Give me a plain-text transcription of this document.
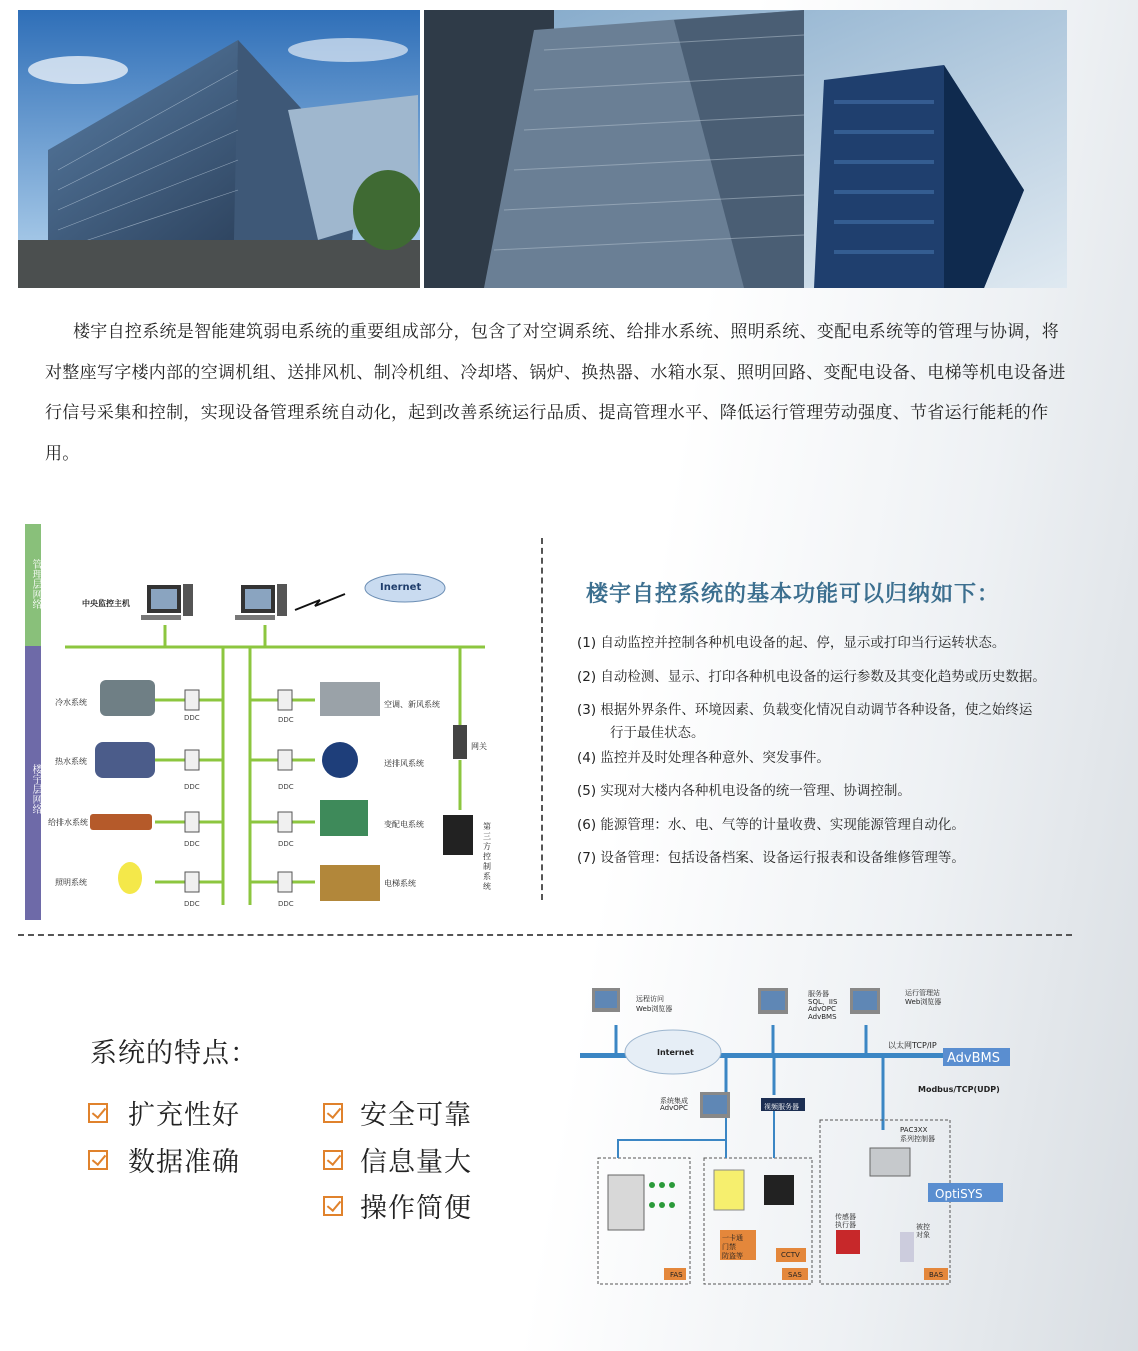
楼宇自控系统是智能建筑弱电系统的重要组成部分，包含了对空调系统、给排水系统、照明系统、变配电系统等的管理与协调，将对整座写字楼内部的空调机组、送排风机、制冷机组、冷却塔、锅炉、换热器、水箱水泵、照明回路、变配电设备、电梯等机电设备进行信号采集和控制，实现设备管理系统自动化，起到改善系统运行品质、提高管理水平、降低运行管理劳动强度、节省运行能耗的作用。
管理层网络
楼宇层网络
中央监控主机
Inernet
网关
第三方控制系统
冷水系统
热水系统
给排水系统
照明系统
空调、新风系统
送排风系统
变配电系统
电梯系统
DDC
DDC
DDC
DDC
DDC
DDC
DDC
DDC
楼宇自控系统的基本功能可以归纳如下：
(1) 自动监控并控制各种机电设备的起、停，显示或打印当行运转状态。
(2) 自动检测、显示、打印各种机电设备的运行参数及其变化趋势或历史数据。
(3) 根据外界条件、环境因素、负载变化情况自动调节各种设备，使之始终运
行于最佳状态。
(4) 监控并及时处理各种意外、突发事件。
(5) 实现对大楼内各种机电设备的统一管理、协调控制。
(6) 能源管理：水、电、气等的计量收费、实现能源管理自动化。
(7) 设备管理：包括设备档案、设备运行报表和设备维修管理等。
系统的特点：
扩充性好	安全可靠
数据准确	信息量大
操作简便
远程访问
Web浏览器
服务器
SQL、IIS
AdvOPC
AdvBMS
运行管理站
Web浏览器
Internet
以太网TCP/IP
AdvBMS
Modbus/TCP(UDP)
系统集成
AdvOPC	视频服务器
PAC3XX
系列控制器
OptiSYS
传感器
执行器	被控
对象
一卡通
门禁
防盗等	CCTV
FAS	SAS	BAS
